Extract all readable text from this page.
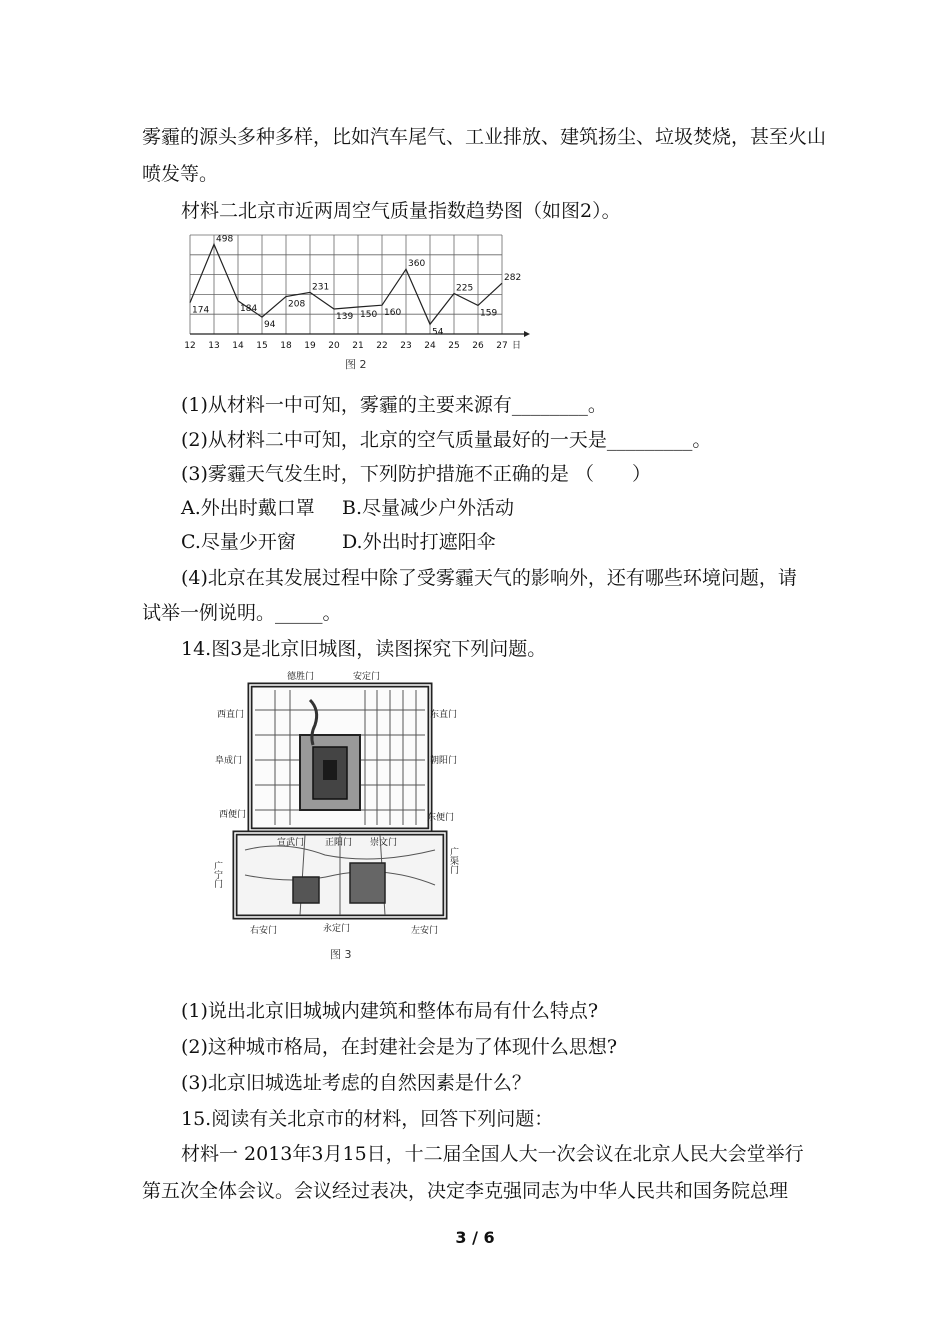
雾霾的源头多种多样，比如汽车尾气、工业排放、建筑扬尘、垃圾焚烧，甚至火山
喷发等。
材料二北京市近两周空气质量指数趋势图（如图2）。
174
498
184
94
208
231
139 150 160
360
54
225
159
282
12 13 14 15 18 19 20 21 22 23 24 25 26 27 日
图 2
(1)从材料一中可知，雾霾的主要来源有________。
(2)从材料二中可知，北京的空气质量最好的一天是_________。
(3)雾霾天气发生时，下列防护措施不正确的是 （　　）
A.外出时戴口罩 B.尽量减少户外活动
C.尽量少开窗 D.外出时打遮阳伞
(4)北京在其发展过程中除了受雾霾天气的影响外，还有哪些环境问题，请
试举一例说明。_____。
14.图3是北京旧城图，读图探究下列问题。
德胜门	安定门
西直门	东直门
阜成门	朝阳门
西便门	东便门
宣武门 正阳门 崇文门
广宁门
广渠门
右安门	永定门	左安门
图 3
(1)说出北京旧城城内建筑和整体布局有什么特点?
(2)这种城市格局，在封建社会是为了体现什么思想?
(3)北京旧城选址考虑的自然因素是什么？
15.阅读有关北京市的材料，回答下列问题：
材料一 2013年3月15日，十二届全国人大一次会议在北京人民大会堂举行
第五次全体会议。会议经过表决，决定李克强同志为中华人民共和国务院总理
3 / 6
